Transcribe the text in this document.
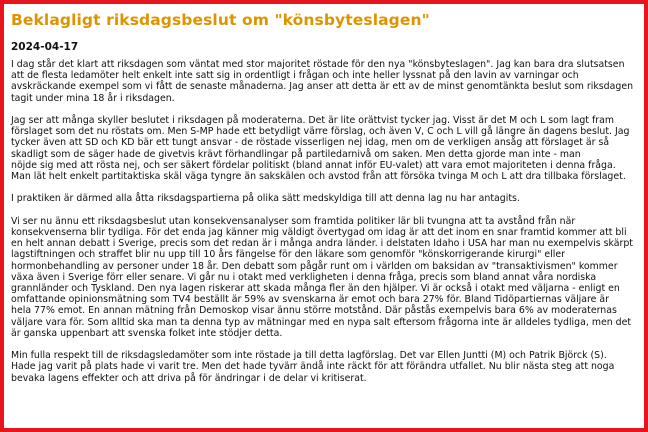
Beklagligt riksdagsbeslut om "könsbyteslagen"
2024-04-17

I dag står det klart att riksdagen som väntat med stor majoritet röstade för den nya "könsbyteslagen". Jag kan bara dra slutsatsen
att de flesta ledamöter helt enkelt inte satt sig in ordentligt i frågan och inte heller lyssnat på den lavin av varningar och
avskräckande exempel som vi fått de senaste månaderna. Jag anser att detta är ett av de minst genomtänkta beslut som riksdagen
tagit under mina 18 år i riksdagen.

Jag ser att många skyller beslutet i riksdagen på moderaterna. Det är lite orättvist tycker jag. Visst är det M och L som lagt fram
förslaget som det nu röstats om. Men S-MP hade ett betydligt värre förslag, och även V, C och L vill gå längre än dagens beslut. Jag
tycker även att SD och KD bär ett tungt ansvar - de röstade visserligen nej idag, men om de verkligen ansåg att förslaget är så
skadligt som de säger hade de givetvis krävt förhandlingar på partiledarnivå om saken. Men detta gjorde man inte - man
nöjde sig med att rösta nej, och ser säkert fördelar politiskt (bland annat inför EU-valet) att vara emot majoriteten i denna fråga.
Man lät helt enkelt partitaktiska skäl väga tyngre än sakskälen och avstod från att försöka tvinga M och L att dra tillbaka förslaget.

I praktiken är därmed alla åtta riksdagspartierna på olika sätt medskyldiga till att denna lag nu har antagits.

Vi ser nu ännu ett riksdagsbeslut utan konsekvensanalyser som framtida politiker lär bli tvungna att ta avstånd från när
konsekvenserna blir tydliga. För det enda jag känner mig väldigt övertygad om idag är att det inom en snar framtid kommer att bli
en helt annan debatt i Sverige, precis som det redan är i många andra länder. i delstaten Idaho i USA har man nu exempelvis skärpt
lagstiftningen och straffet blir nu upp till 10 års fängelse för den läkare som genomför "könskorrigerande kirurgi" eller
hormonbehandling av personer under 18 år. Den debatt som pågår runt om i världen om baksidan av "transaktivismen" kommer
växa även i Sverige förr eller senare. Vi går nu i otakt med verkligheten i denna fråga, precis som bland annat våra nordiska
grannländer och Tyskland. Den nya lagen riskerar att skada många fler än den hjälper. Vi är också i otakt med väljarna - enligt en
omfattande opinionsmätning som TV4 beställt är 59% av svenskarna är emot och bara 27% för. Bland Tidöpartiernas väljare är
hela 77% emot. En annan mätning från Demoskop visar ännu större motstånd. Där påstås exempelvis bara 6% av moderaternas
väljare vara för. Som alltid ska man ta denna typ av mätningar med en nypa salt eftersom frågorna inte är alldeles tydliga, men det
är ganska uppenbart att svenska folket inte stödjer detta.

Min fulla respekt till de riksdagsledamöter som inte röstade ja till detta lagförslag. Det var Ellen Juntti (M) och Patrik Björck (S).
Hade jag varit på plats hade vi varit tre. Men det hade tyvärr ändå inte räckt för att förändra utfallet. Nu blir nästa steg att noga
bevaka lagens effekter och att driva på för ändringar i de delar vi kritiserat.
